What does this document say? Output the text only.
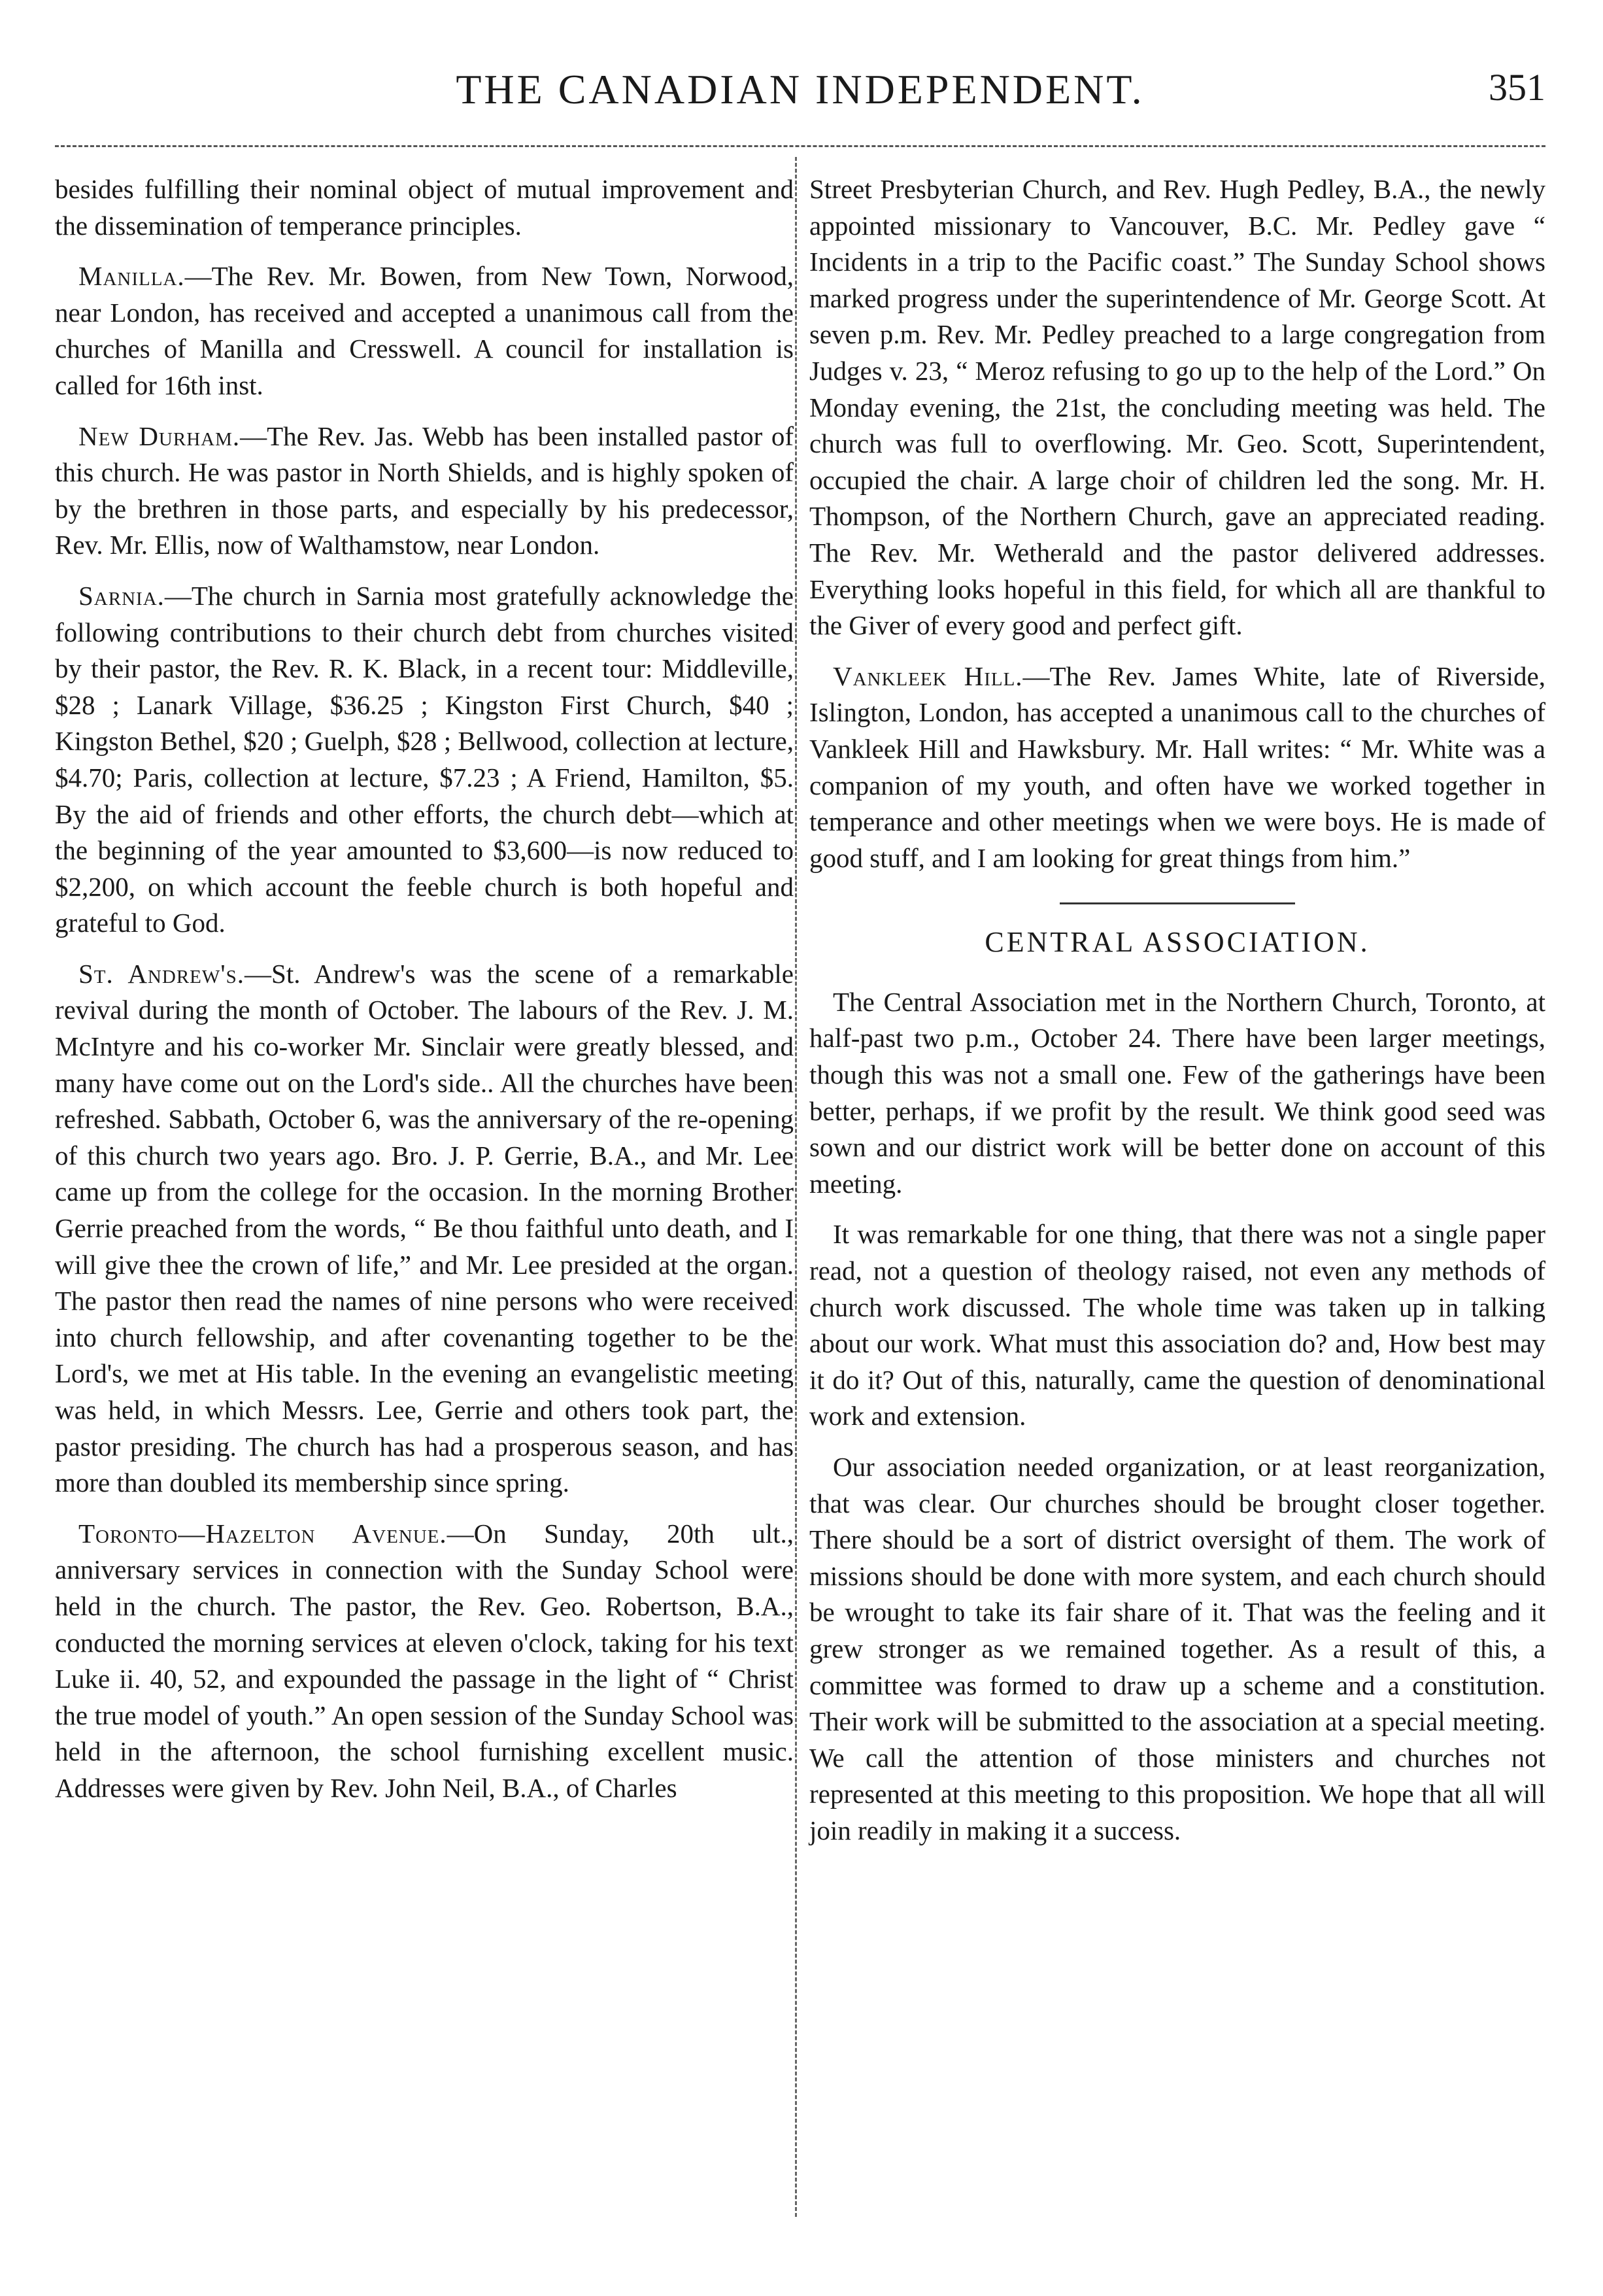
THE CANADIAN INDEPENDENT.	351

besides fulfilling their nominal object of mutual improvement and the dissemination of temperance principles.

Manilla.—The Rev. Mr. Bowen, from New Town, Norwood, near London, has received and accepted a unanimous call from the churches of Manilla and Cresswell. A council for installation is called for 16th inst.

New Durham.—The Rev. Jas. Webb has been installed pastor of this church. He was pastor in North Shields, and is highly spoken of by the brethren in those parts, and especially by his predecessor, Rev. Mr. Ellis, now of Walthamstow, near London.

Sarnia.—The church in Sarnia most gratefully acknowledge the following contributions to their church debt from churches visited by their pastor, the Rev. R. K. Black, in a recent tour: Middleville, $28 ; Lanark Village, $36.25 ; Kingston First Church, $40 ; Kingston Bethel, $20 ; Guelph, $28 ; Bellwood, collection at lecture, $4.70; Paris, collection at lecture, $7.23 ; A Friend, Hamilton, $5. By the aid of friends and other efforts, the church debt—which at the beginning of the year amounted to $3,600—is now reduced to $2,200, on which account the feeble church is both hopeful and grateful to God.

St. Andrew's.—St. Andrew's was the scene of a remarkable revival during the month of October. The labours of the Rev. J. M. McIntyre and his co-worker Mr. Sinclair were greatly blessed, and many have come out on the Lord's side.. All the churches have been refreshed. Sabbath, October 6, was the anniversary of the re-opening of this church two years ago. Bro. J. P. Gerrie, B.A., and Mr. Lee came up from the college for the occasion. In the morning Brother Gerrie preached from the words, “ Be thou faithful unto death, and I will give thee the crown of life,” and Mr. Lee presided at the organ. The pastor then read the names of nine persons who were received into church fellowship, and after covenanting together to be the Lord's, we met at His table. In the evening an evangelistic meeting was held, in which Messrs. Lee, Gerrie and others took part, the pastor presiding. The church has had a prosperous season, and has more than doubled its membership since spring.

Toronto—Hazelton Avenue.—On Sunday, 20th ult., anniversary services in connection with the Sunday School were held in the church. The pastor, the Rev. Geo. Robertson, B.A., conducted the morning services at eleven o'clock, taking for his text Luke ii. 40, 52, and expounded the passage in the light of “ Christ the true model of youth.” An open session of the Sunday School was held in the afternoon, the school furnishing excellent music. Addresses were given by Rev. John Neil, B.A., of Charles

Street Presbyterian Church, and Rev. Hugh Pedley, B.A., the newly appointed missionary to Vancouver, B.C. Mr. Pedley gave “ Incidents in a trip to the Pacific coast.” The Sunday School shows marked progress under the superintendence of Mr. George Scott. At seven p.m. Rev. Mr. Pedley preached to a large congregation from Judges v. 23, “ Meroz refusing to go up to the help of the Lord.” On Monday evening, the 21st, the concluding meeting was held. The church was full to overflowing. Mr. Geo. Scott, Superintendent, occupied the chair. A large choir of children led the song. Mr. H. Thompson, of the Northern Church, gave an appreciated reading. The Rev. Mr. Wetherald and the pastor delivered addresses. Everything looks hopeful in this field, for which all are thankful to the Giver of every good and perfect gift.

Vankleek Hill.—The Rev. James White, late of Riverside, Islington, London, has accepted a unanimous call to the churches of Vankleek Hill and Hawksbury. Mr. Hall writes: “ Mr. White was a companion of my youth, and often have we worked together in temperance and other meetings when we were boys. He is made of good stuff, and I am looking for great things from him.”

CENTRAL ASSOCIATION.

The Central Association met in the Northern Church, Toronto, at half-past two p.m., October 24. There have been larger meetings, though this was not a small one. Few of the gatherings have been better, perhaps, if we profit by the result. We think good seed was sown and our district work will be better done on account of this meeting.

It was remarkable for one thing, that there was not a single paper read, not a question of theology raised, not even any methods of church work discussed. The whole time was taken up in talking about our work. What must this association do? and, How best may it do it? Out of this, naturally, came the question of denominational work and extension.

Our association needed organization, or at least reorganization, that was clear. Our churches should be brought closer together. There should be a sort of district oversight of them. The work of missions should be done with more system, and each church should be wrought to take its fair share of it. That was the feeling and it grew stronger as we remained together. As a result of this, a committee was formed to draw up a scheme and a constitution. Their work will be submitted to the association at a special meeting. We call the attention of those ministers and churches not represented at this meeting to this proposition. We hope that all will join readily in making it a success.
